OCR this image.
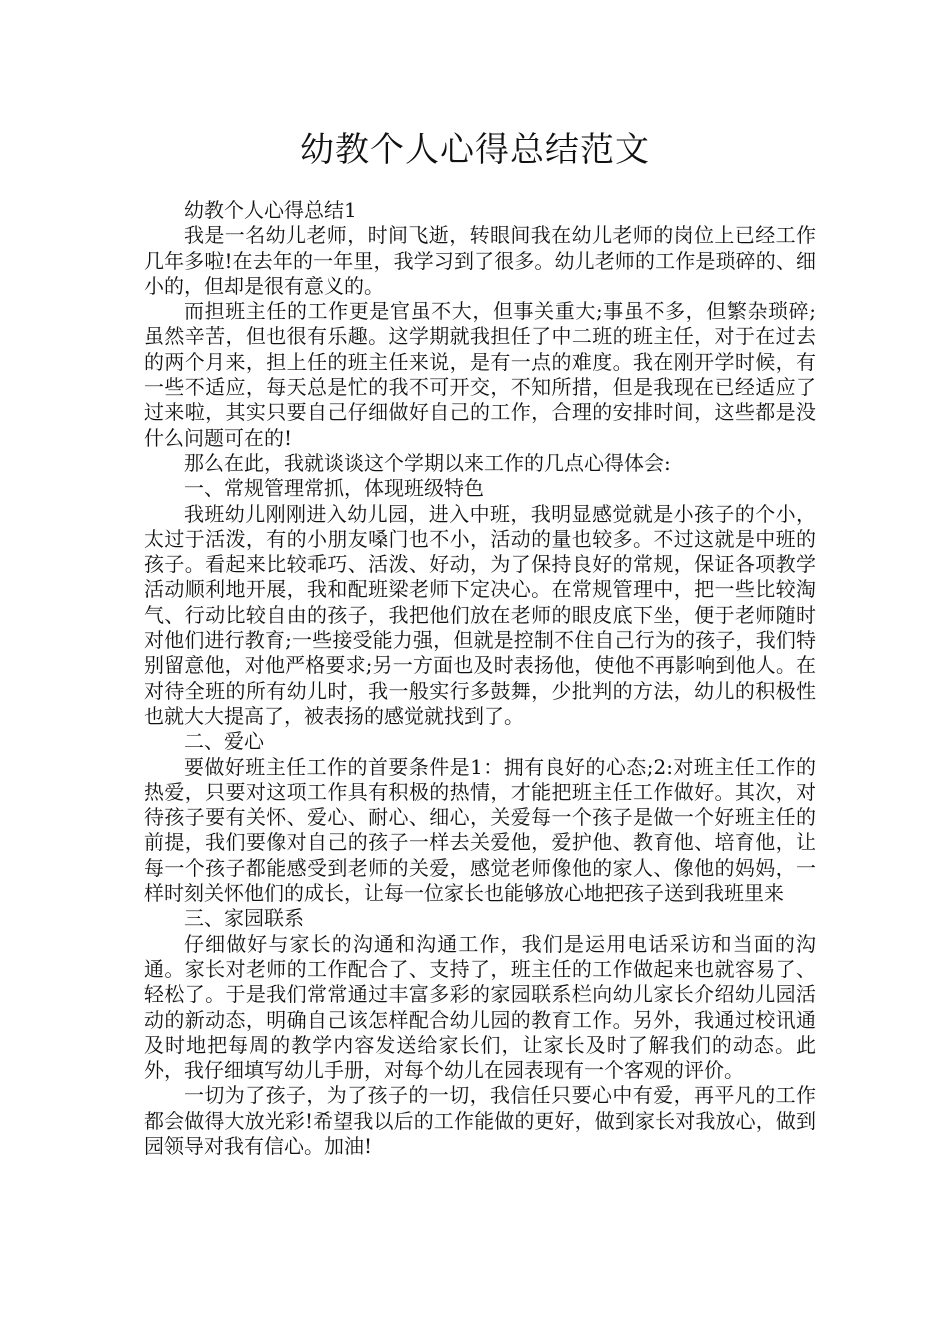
幼教个人心得总结范文

幼教个人心得总结1

我是一名幼儿老师，时间飞逝，转眼间我在幼儿老师的岗位上已经工作几年多啦!在去年的一年里，我学习到了很多。幼儿老师的工作是琐碎的、细小的，但却是很有意义的。

而担班主任的工作更是官虽不大，但事关重大;事虽不多，但繁杂琐碎;虽然辛苦，但也很有乐趣。这学期就我担任了中二班的班主任，对于在过去的两个月来，担上任的班主任来说，是有一点的难度。我在刚开学时候，有一些不适应，每天总是忙的我不可开交，不知所措，但是我现在已经适应了过来啦，其实只要自己仔细做好自己的工作，合理的安排时间，这些都是没什么问题可在的!

那么在此，我就谈谈这个学期以来工作的几点心得体会:

一、常规管理常抓，体现班级特色

我班幼儿刚刚进入幼儿园，进入中班，我明显感觉就是小孩子的个小，太过于活泼，有的小朋友嗓门也不小，活动的量也较多。不过这就是中班的孩子。看起来比较乖巧、活泼、好动，为了保持良好的常规，保证各项教学活动顺利地开展，我和配班梁老师下定决心。在常规管理中，把一些比较淘气、行动比较自由的孩子，我把他们放在老师的眼皮底下坐，便于老师随时对他们进行教育;一些接受能力强，但就是控制不住自己行为的孩子，我们特别留意他，对他严格要求;另一方面也及时表扬他，使他不再影响到他人。在对待全班的所有幼儿时，我一般实行多鼓舞，少批判的方法，幼儿的积极性也就大大提高了，被表扬的感觉就找到了。

二、爱心

要做好班主任工作的首要条件是1：拥有良好的心态;2:对班主任工作的热爱，只要对这项工作具有积极的热情，才能把班主任工作做好。其次，对待孩子要有关怀、爱心、耐心、细心，关爱每一个孩子是做一个好班主任的前提，我们要像对自己的孩子一样去关爱他，爱护他、教育他、培育他，让每一个孩子都能感受到老师的关爱，感觉老师像他的家人、像他的妈妈，一样时刻关怀他们的成长，让每一位家长也能够放心地把孩子送到我班里来

三、家园联系

仔细做好与家长的沟通和沟通工作，我们是运用电话采访和当面的沟通。家长对老师的工作配合了、支持了，班主任的工作做起来也就容易了、轻松了。于是我们常常通过丰富多彩的家园联系栏向幼儿家长介绍幼儿园活动的新动态，明确自己该怎样配合幼儿园的教育工作。另外，我通过校讯通及时地把每周的教学内容发送给家长们，让家长及时了解我们的动态。此外，我仔细填写幼儿手册，对每个幼儿在园表现有一个客观的评价。

一切为了孩子，为了孩子的一切，我信任只要心中有爱，再平凡的工作都会做得大放光彩!希望我以后的工作能做的更好，做到家长对我放心，做到园领导对我有信心。加油!
